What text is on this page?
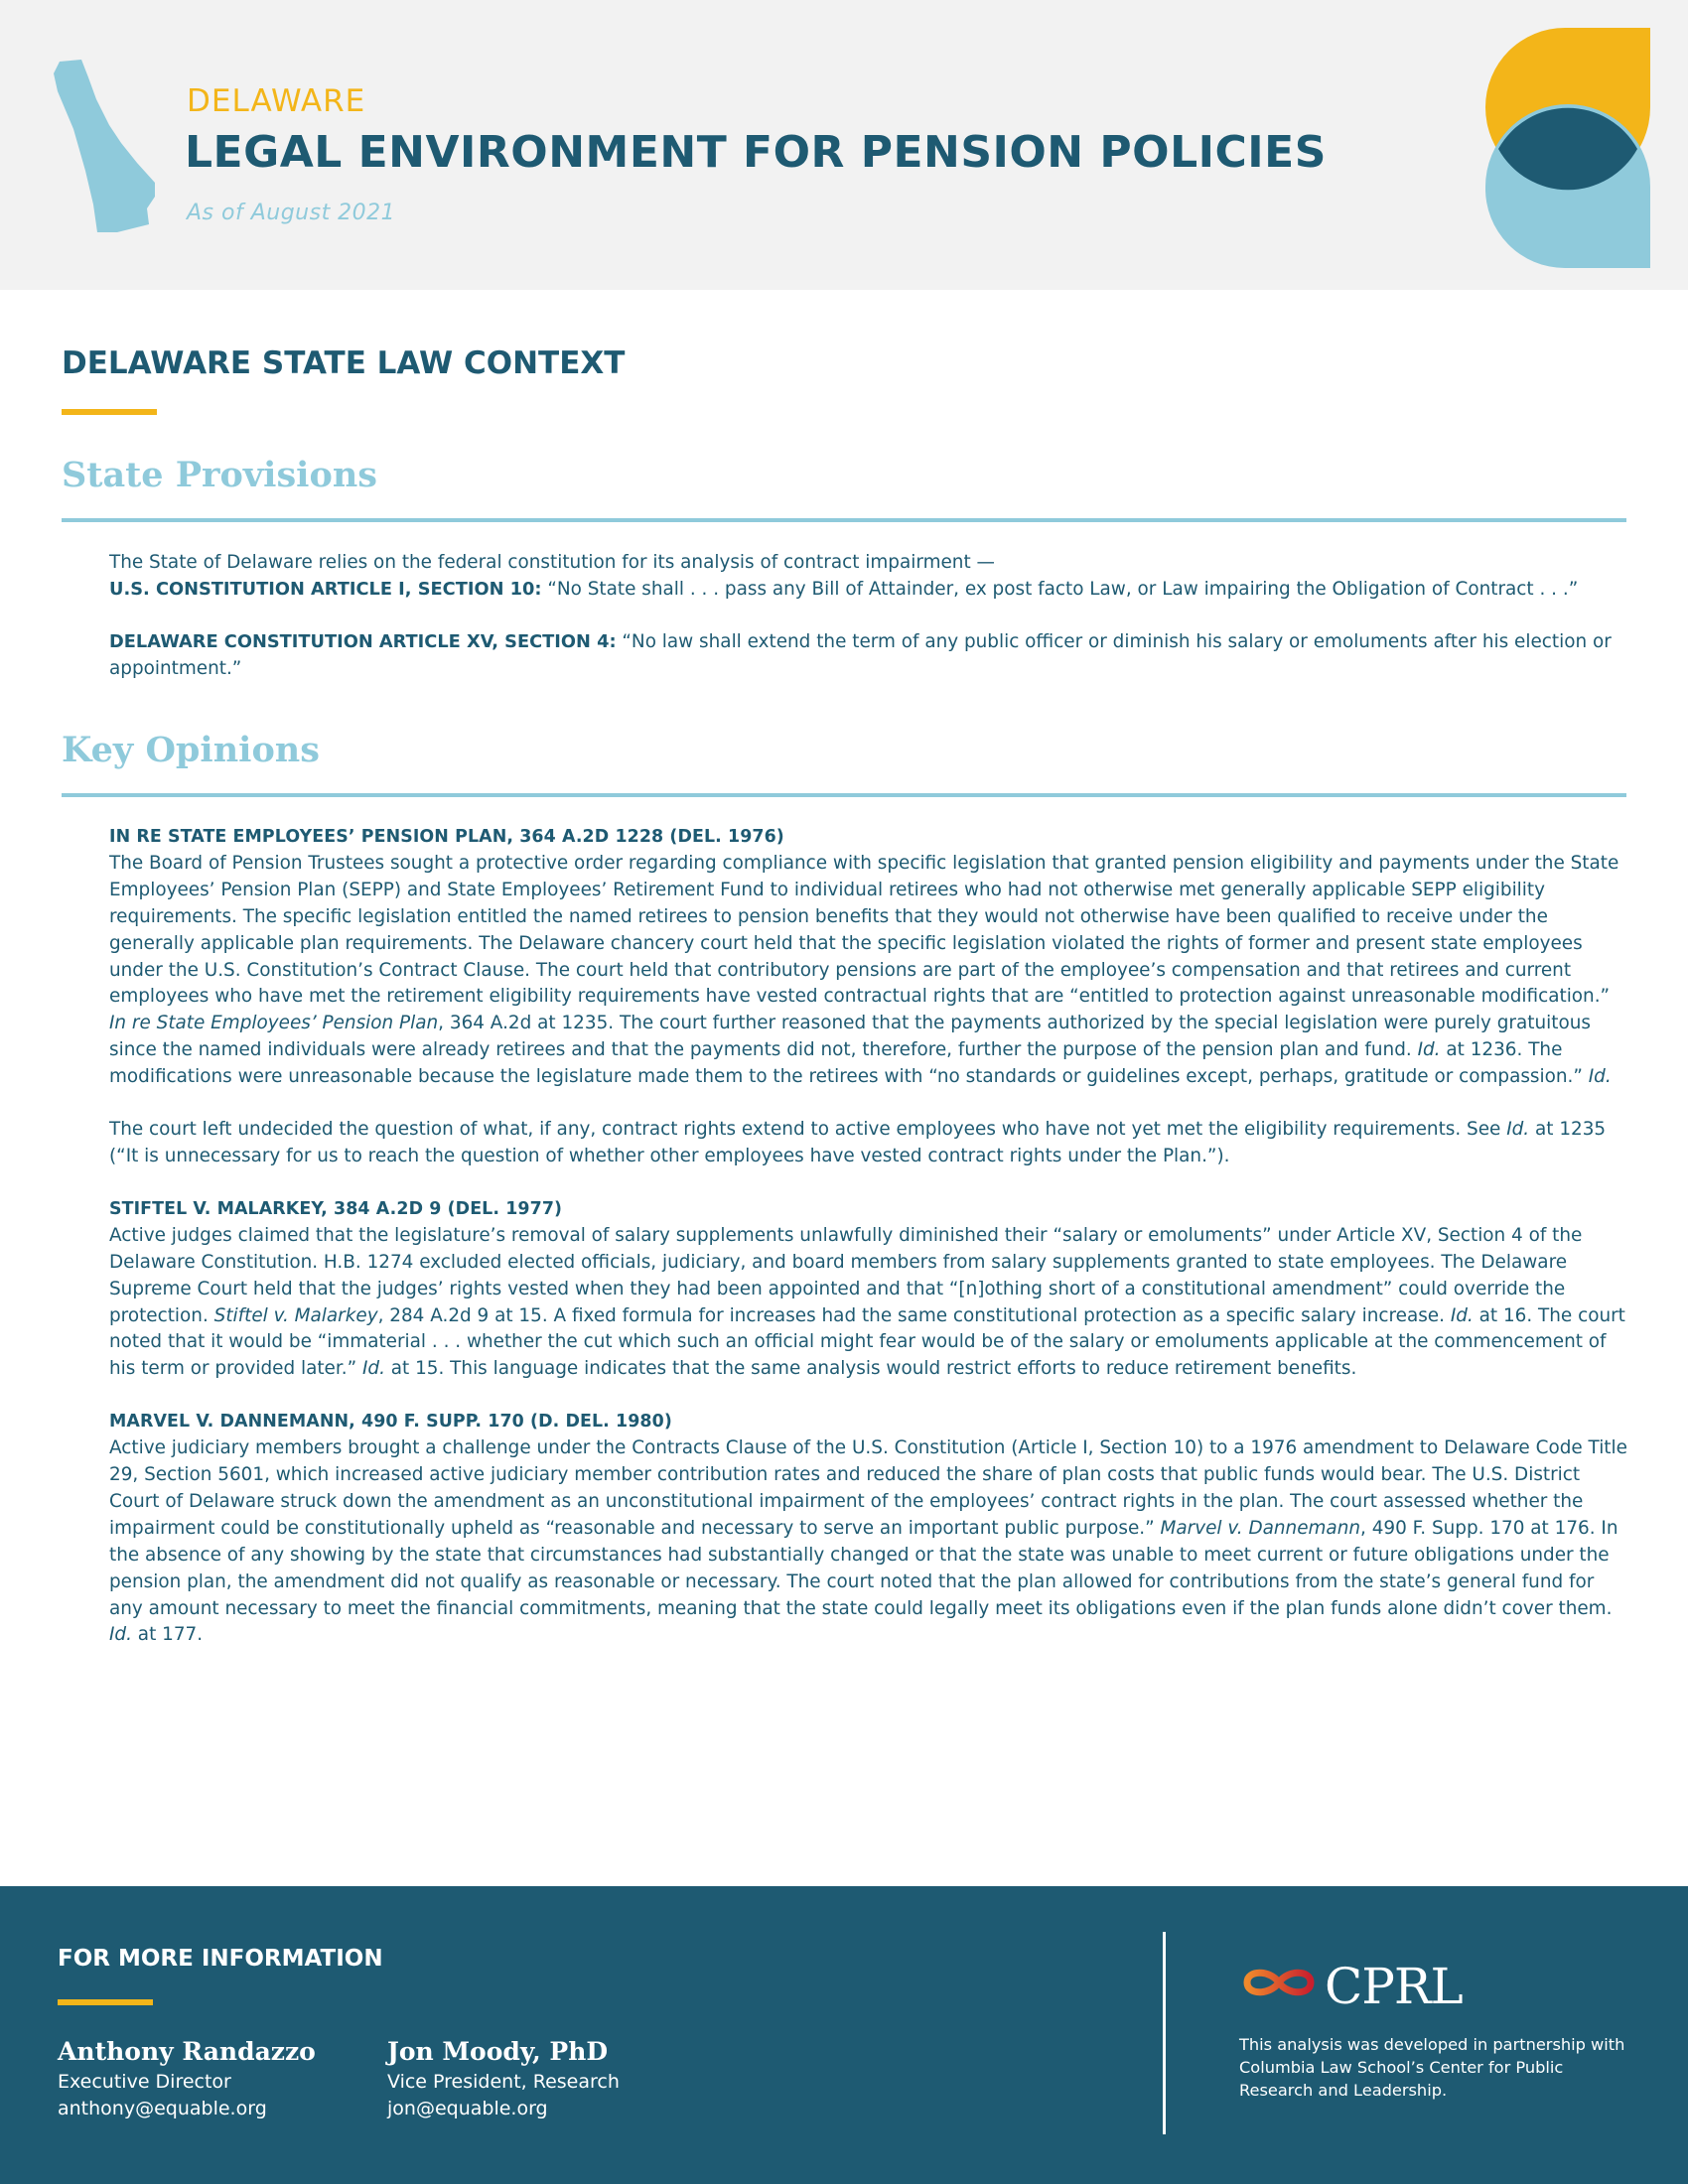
DELAWARE
LEGAL ENVIRONMENT FOR PENSION POLICIES
As of August 2021
DELAWARE STATE LAW CONTEXT
State Provisions

The State of Delaware relies on the federal constitution for its analysis of contract impairment —
U.S. CONSTITUTION ARTICLE I, SECTION 10: “No State shall . . . pass any Bill of Attainder, ex post facto Law, or Law impairing the Obligation of Contract . . .”

DELAWARE CONSTITUTION ARTICLE XV, SECTION 4: “No law shall extend the term of any public officer or diminish his salary or emoluments after his election or appointment.”

Key Opinions

IN RE STATE EMPLOYEES’ PENSION PLAN, 364 A.2D 1228 (DEL. 1976)

The Board of Pension Trustees sought a protective order regarding compliance with specific legislation that granted pension eligibility and payments under the State Employees’ Pension Plan (SEPP) and State Employees’ Retirement Fund to individual retirees who had not otherwise met generally applicable SEPP eligibility requirements. The specific legislation entitled the named retirees to pension benefits that they would not otherwise have been qualified to receive under the generally applicable plan requirements. The Delaware chancery court held that the specific legislation violated the rights of former and present state employees under the U.S. Constitution’s Contract Clause. The court held that contributory pensions are part of the employee’s compensation and that retirees and current employees who have met the retirement eligibility requirements have vested contractual rights that are “entitled to protection against unreasonable modification.” In re State Employees’ Pension Plan, 364 A.2d at 1235. The court further reasoned that the payments authorized by the special legislation were purely gratuitous since the named individuals were already retirees and that the payments did not, therefore, further the purpose of the pension plan and fund. Id. at 1236. The modifications were unreasonable because the legislature made them to the retirees with “no standards or guidelines except, perhaps, gratitude or compassion.” Id.

The court left undecided the question of what, if any, contract rights extend to active employees who have not yet met the eligibility requirements. See Id. at 1235 (“It is unnecessary for us to reach the question of whether other employees have vested contract rights under the Plan.”).

STIFTEL V. MALARKEY, 384 A.2D 9 (DEL. 1977)

Active judges claimed that the legislature’s removal of salary supplements unlawfully diminished their “salary or emoluments” under Article XV, Section 4 of the Delaware Constitution. H.B. 1274 excluded elected officials, judiciary, and board members from salary supplements granted to state employees. The Delaware Supreme Court held that the judges’ rights vested when they had been appointed and that “[n]othing short of a constitutional amendment” could override the protection. Stiftel v. Malarkey, 284 A.2d 9 at 15. A fixed formula for increases had the same constitutional protection as a specific salary increase. Id. at 16. The court noted that it would be “immaterial . . . whether the cut which such an official might fear would be of the salary or emoluments applicable at the commencement of his term or provided later.” Id. at 15. This language indicates that the same analysis would restrict efforts to reduce retirement benefits.

MARVEL V. DANNEMANN, 490 F. SUPP. 170 (D. DEL. 1980)

Active judiciary members brought a challenge under the Contracts Clause of the U.S. Constitution (Article I, Section 10) to a 1976 amendment to Delaware Code Title 29, Section 5601, which increased active judiciary member contribution rates and reduced the share of plan costs that public funds would bear. The U.S. District Court of Delaware struck down the amendment as an unconstitutional impairment of the employees’ contract rights in the plan. The court assessed whether the impairment could be constitutionally upheld as “reasonable and necessary to serve an important public purpose.” Marvel v. Dannemann, 490 F. Supp. 170 at 176. In the absence of any showing by the state that circumstances had substantially changed or that the state was unable to meet current or future obligations under the pension plan, the amendment did not qualify as reasonable or necessary. The court noted that the plan allowed for contributions from the state’s general fund for any amount necessary to meet the financial commitments, meaning that the state could legally meet its obligations even if the plan funds alone didn’t cover them. Id. at 177.

FOR MORE INFORMATION
Anthony Randazzo
Executive Director
anthony@equable.org
Jon Moody, PhD
Vice President, Research
jon@equable.org
CPRL
This analysis was developed in partnership with Columbia Law School’s Center for Public Research and Leadership.
